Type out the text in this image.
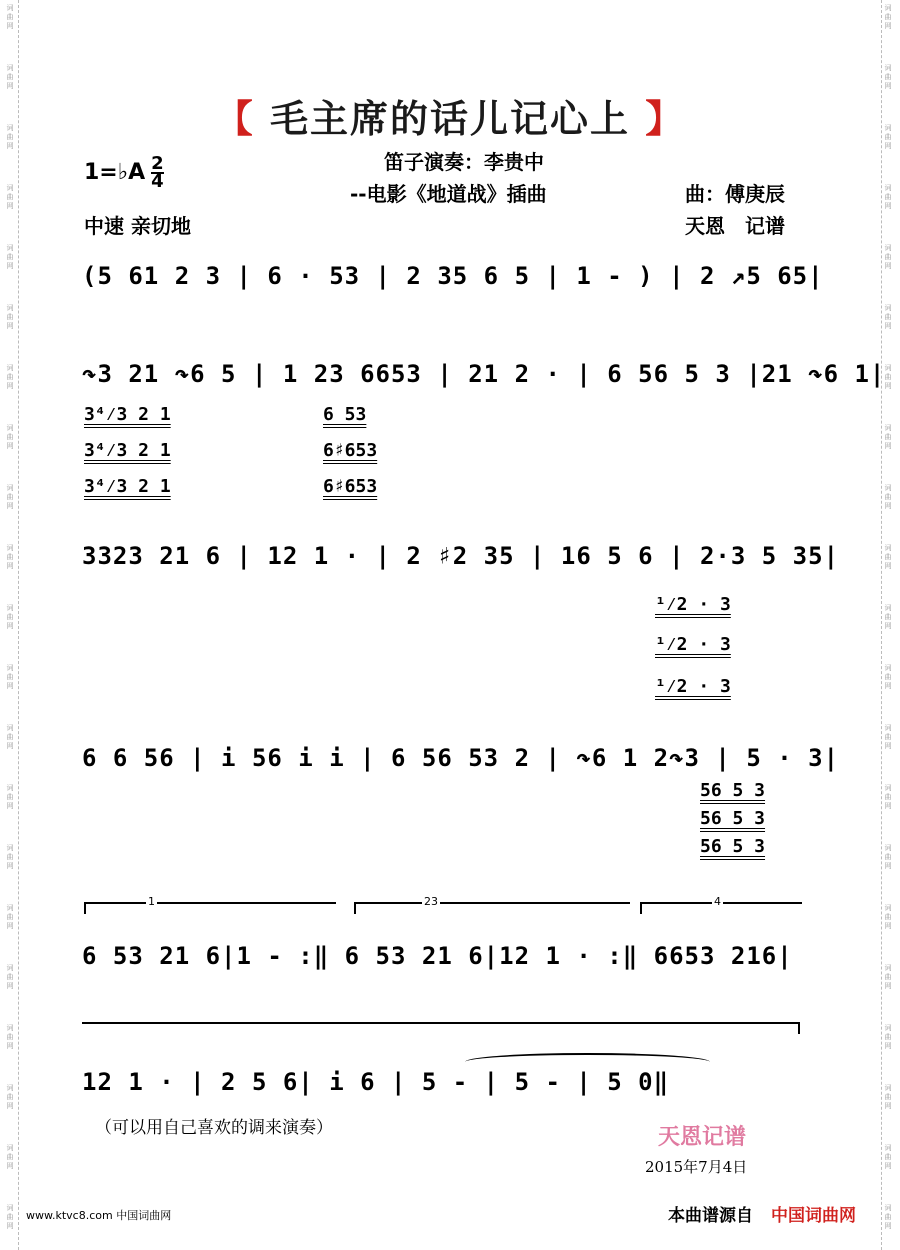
词
曲
网
词
曲
网
词
曲
网
词
曲
网
词
曲
网
词
曲
网
词
曲
网
词
曲
网
词
曲
网
词
曲
网
词
曲
网
词
曲
网
词
曲
网
词
曲
网
词
曲
网
词
曲
网
词
曲
网
词
曲
网
词
曲
网
词
曲
网
词
曲
网
词
曲
网
词
曲
网
词
曲
网
词
曲
网
词
曲
网
词
曲
网
词
曲
网
词
曲
网
词
曲
网
词
曲
网
词
曲
网
词
曲
网
词
曲
网
词
曲
网
词
曲
网
词
曲
网
词
曲
网
词
曲
网
词
曲
网
词
曲
网
词
曲
网
【 毛主席的话儿记心上 】
1=♭A $\frac{2}{4}$	笛子演奏：李贵中
--电影《地道战》插曲	曲：傅庚辰
中速 亲切地	天恩　记谱
(5 61 2 3 | 6 · 53 | 2 35 6 5 | 1 - ) | 2 ↗5 65|
↷3 21 ↷6 5 | 1 23 6653 | 21 2 · | 6 56 5 3 |21 ↷6 1|
3⁴⁄3 2 1
3⁴⁄3 2 1
3⁴⁄3 2 1
6 53
6♯653
6♯653
3323 21 6 | 12 1 · | 2 ♯2 35 | 16 5 6 | 2·3 5 35|
¹⁄2 · 3
¹⁄2 · 3
¹⁄2 · 3
6 6 56 | i 56 i i | 6 56 53 2 | ↷6 1 2↷3 | 5 · 3|
56 5 3
56 5 3
56 5 3
1	23	4
6 53 21 6|1 - :‖ 6 53 21 6|12 1 · :‖ 6653 216|
12 1 · | 2 5 6| i 6 | 5 - | 5 - | 5 0‖
（可以用自己喜欢的调来演奏）	天恩记谱
2015年7月4日
www.ktvc8.com 中国词曲网	本曲谱源自 中国词曲网
